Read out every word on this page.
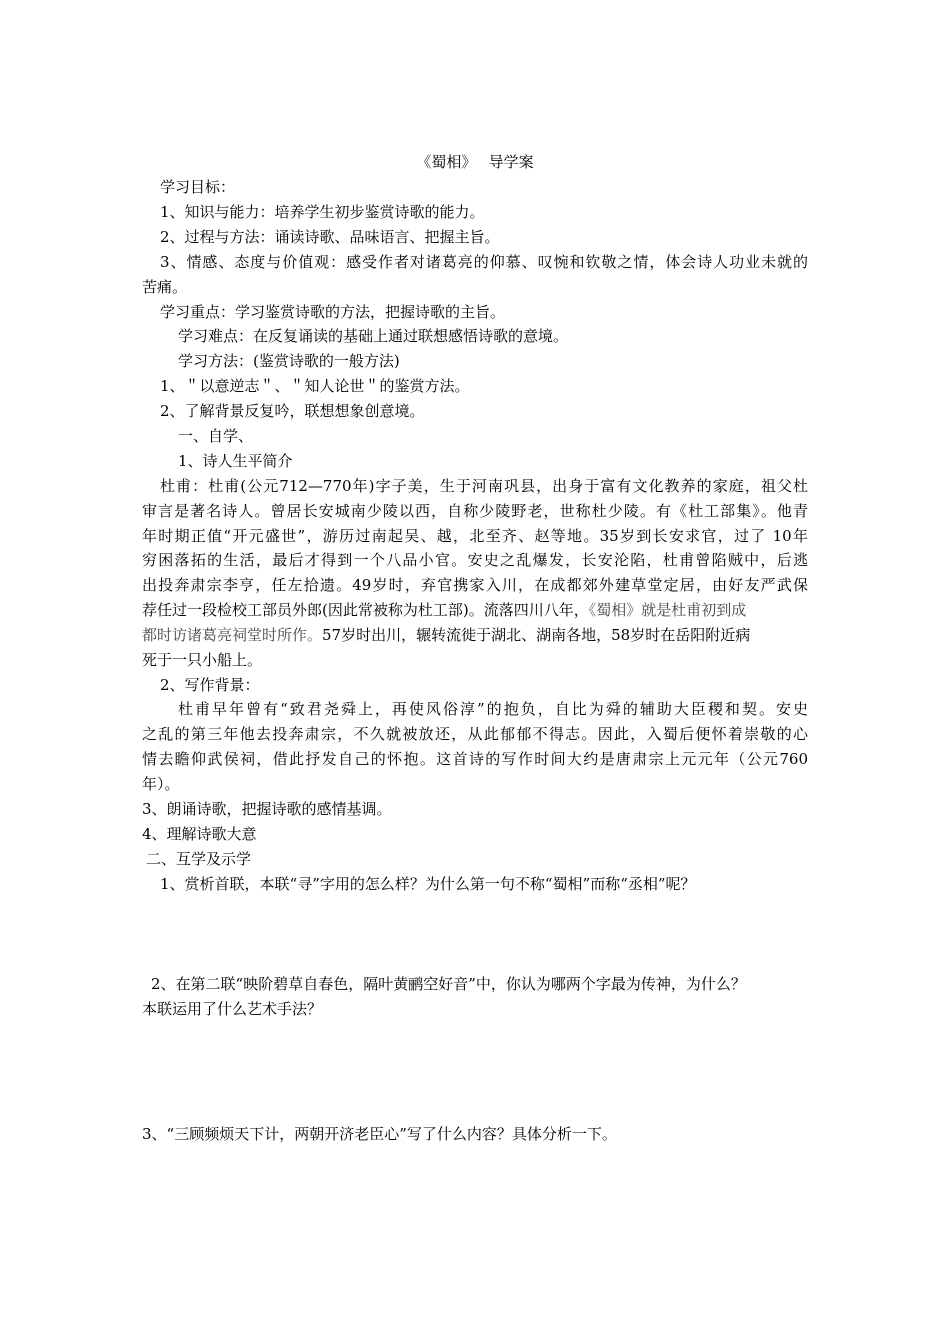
《蜀相》　 导学案
学习目标：
1、知识与能力：培养学生初步鉴赏诗歌的能力。
2、过程与方法：诵读诗歌、品味语言、把握主旨。
3、情感、态度与价值观：感受作者对诸葛亮的仰慕、叹惋和钦敬之情，体会诗人功业未就的
苦痛。
学习重点：学习鉴赏诗歌的方法，把握诗歌的主旨。
学习难点：在反复诵读的基础上通过联想感悟诗歌的意境。
学习方法：(鉴赏诗歌的一般方法)
1、＂以意逆志＂、＂知人论世＂的鉴赏方法。
2、了解背景反复吟，联想想象创意境。
一、自学、
1、诗人生平简介
杜甫：杜甫(公元712—770年)字子美，生于河南巩县，出身于富有文化教养的家庭，祖父杜
审言是著名诗人。曾居长安城南少陵以西，自称少陵野老，世称杜少陵。有《杜工部集》。他青
年时期正值“开元盛世”，游历过南起吴、越，北至齐、赵等地。35岁到长安求官，过了 10年
穷困落拓的生活，最后才得到一个八品小官。安史之乱爆发，长安沦陷，杜甫曾陷贼中，后逃
出投奔肃宗李亨，任左拾遗。49岁时，弃官携家入川，在成都郊外建草堂定居，由好友严武保
荐任过一段检校工部员外郎(因此常被称为杜工部)。流落四川八年，《蜀相》就是杜甫初到成
都时访诸葛亮祠堂时所作。57岁时出川，辗转流徙于湖北、湖南各地，58岁时在岳阳附近病
死于一只小船上。
2、写作背景：
杜甫早年曾有“致君尧舜上，再使风俗淳”的抱负，自比为舜的辅助大臣稷和契。安史
之乱的第三年他去投奔肃宗，不久就被放还，从此郁郁不得志。因此，入蜀后便怀着崇敬的心
情去瞻仰武侯祠，借此抒发自己的怀抱。这首诗的写作时间大约是唐肃宗上元元年（公元760
年）。
3、朗诵诗歌，把握诗歌的感情基调。
4、理解诗歌大意
二、互学及示学
1、赏析首联，本联“寻”字用的怎么样？为什么第一句不称“蜀相”而称“丞相”呢？
2、在第二联“映阶碧草自春色，隔叶黄鹂空好音”中，你认为哪两个字最为传神，为什么？
本联运用了什么艺术手法？
3、“三顾频烦天下计，两朝开济老臣心”写了什么内容？具体分析一下。
